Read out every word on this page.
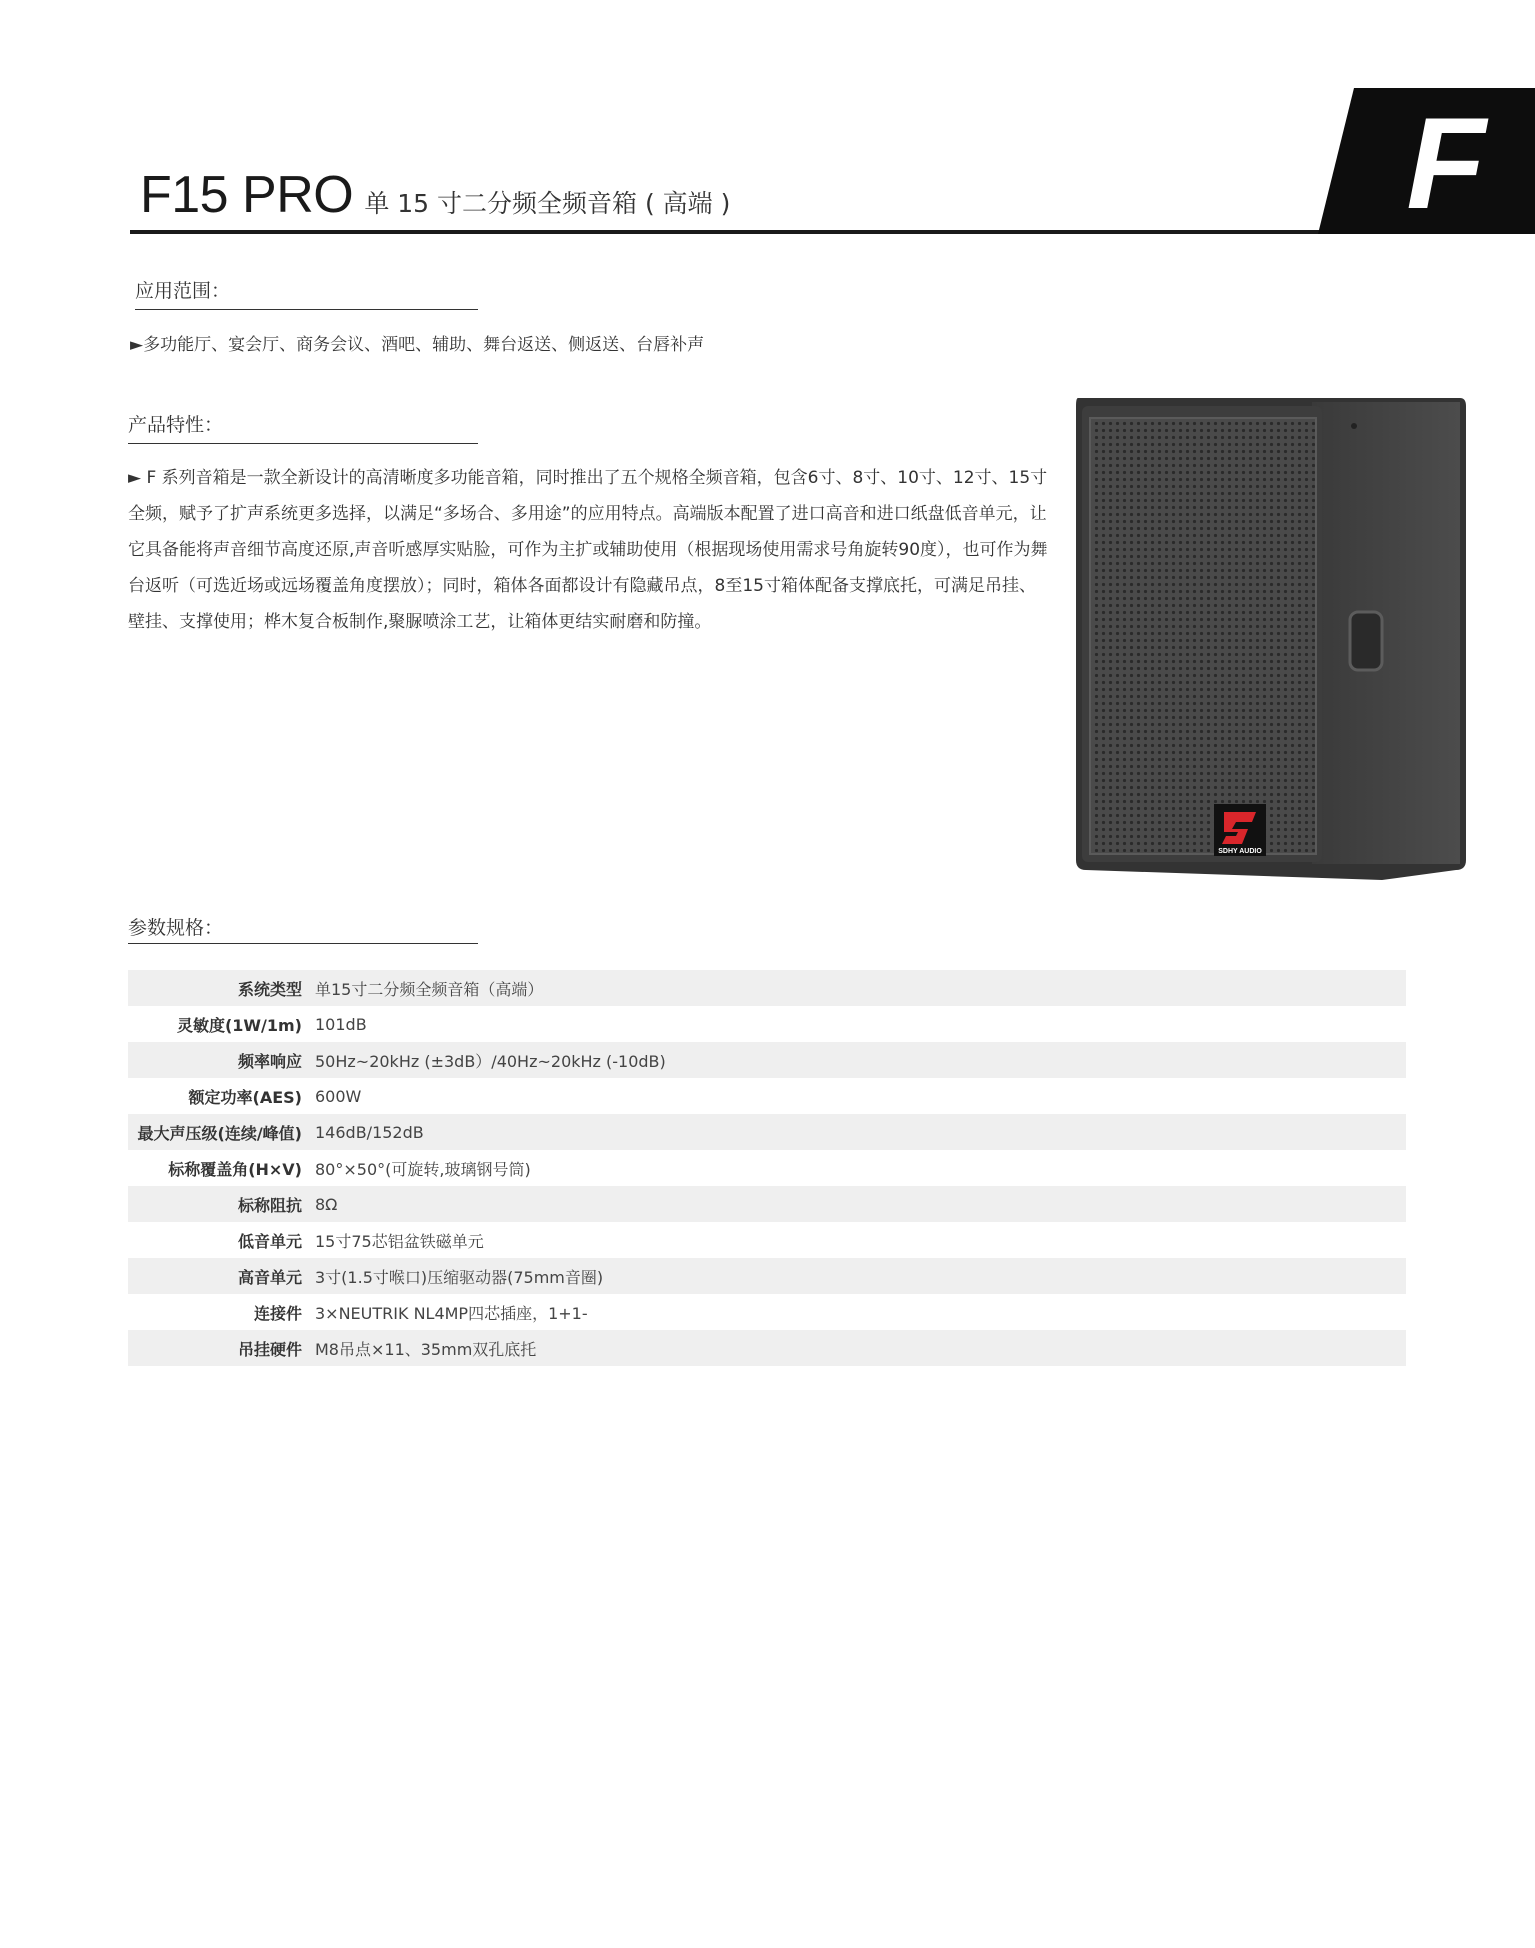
F15 PRO 单 15 寸二分频全频音箱 ( 高端 )	F
应用范围：
►多功能厅、宴会厅、商务会议、酒吧、辅助、舞台返送、侧返送、台唇补声
产品特性：
► F 系列音箱是一款全新设计的高清晰度多功能音箱，同时推出了五个规格全频音箱，包含6寸、8寸、10寸、12寸、15寸全频，赋予了扩声系统更多选择，以满足“多场合、多用途”的应用特点。高端版本配置了进口高音和进口纸盘低音单元，让它具备能将声音细节高度还原,声音听感厚实贴脸，可作为主扩或辅助使用（根据现场使用需求号角旋转90度），也可作为舞台返听（可选近场或远场覆盖角度摆放）；同时，箱体各面都设计有隐藏吊点，8至15寸箱体配备支撑底托，可满足吊挂、壁挂、支撑使用；桦木复合板制作,聚脲喷涂工艺，让箱体更结实耐磨和防撞。
SDHY AUDIO
参数规格：
系统类型	单15寸二分频全频音箱（高端）
灵敏度(1W/1m)	101dB
频率响应	50Hz~20kHz (±3dB）/40Hz~20kHz (-10dB)
额定功率(AES)	600W
最大声压级(连续/峰值)	146dB/152dB
标称覆盖角(H×V)	80°×50°(可旋转,玻璃钢号筒)
标称阻抗	8Ω
低音单元	15寸75芯铝盆铁磁单元
高音单元	3寸(1.5寸喉口)压缩驱动器(75mm音圈)
连接件	3×NEUTRIK NL4MP四芯插座，1+1-
吊挂硬件	M8吊点×11、35mm双孔底托
